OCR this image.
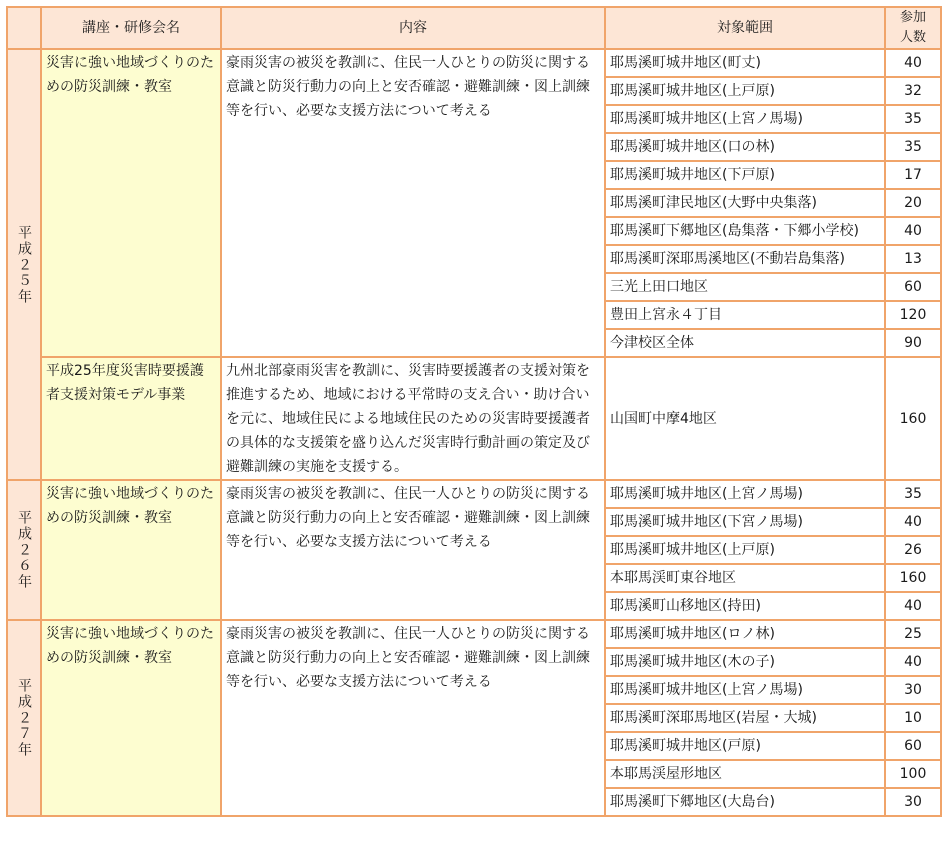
	講座・研修会名	内容	対象範囲	参加
人数
平成２５年	災害に強い地域づくりのための防災訓練・教室	豪雨災害の被災を教訓に、住民一人ひとりの防災に関する意識と防災行動力の向上と安否確認・避難訓練・図上訓練等を行い、必要な支援方法について考える	耶馬溪町城井地区(町丈)	40
			耶馬溪町城井地区(上戸原)	32
			耶馬溪町城井地区(上宮ノ馬場)	35
			耶馬溪町城井地区(口の林)	35
			耶馬溪町城井地区(下戸原)	17
			耶馬溪町津民地区(大野中央集落)	20
			耶馬溪町下郷地区(島集落・下郷小学校)	40
			耶馬溪町深耶馬溪地区(不動岩島集落)	13
			三光上田口地区	60
			豊田上宮永４丁目	120
			今津校区全体	90
	平成25年度災害時要援護者支援対策モデル事業	九州北部豪雨災害を教訓に、災害時要援護者の支援対策を推進するため、地域における平常時の支え合い・助け合いを元に、地域住民による地域住民のための災害時要援護者の具体的な支援策を盛り込んだ災害時行動計画の策定及び避難訓練の実施を支援する。	山国町中摩4地区	160
平成２６年	災害に強い地域づくりのための防災訓練・教室	豪雨災害の被災を教訓に、住民一人ひとりの防災に関する意識と防災行動力の向上と安否確認・避難訓練・図上訓練等を行い、必要な支援方法について考える	耶馬溪町城井地区(上宮ノ馬場)	35
			耶馬溪町城井地区(下宮ノ馬場)	40
			耶馬溪町城井地区(上戸原)	26
			本耶馬渓町東谷地区	160
			耶馬溪町山移地区(持田)	40
平成２７年	災害に強い地域づくりのための防災訓練・教室	豪雨災害の被災を教訓に、住民一人ひとりの防災に関する意識と防災行動力の向上と安否確認・避難訓練・図上訓練等を行い、必要な支援方法について考える	耶馬溪町城井地区(ロノ林)	25
			耶馬溪町城井地区(木の子)	40
			耶馬溪町城井地区(上宮ノ馬場)	30
			耶馬溪町深耶馬地区(岩屋・大城)	10
			耶馬溪町城井地区(戸原)	60
			本耶馬渓屋形地区	100
			耶馬溪町下郷地区(大島台)	30
